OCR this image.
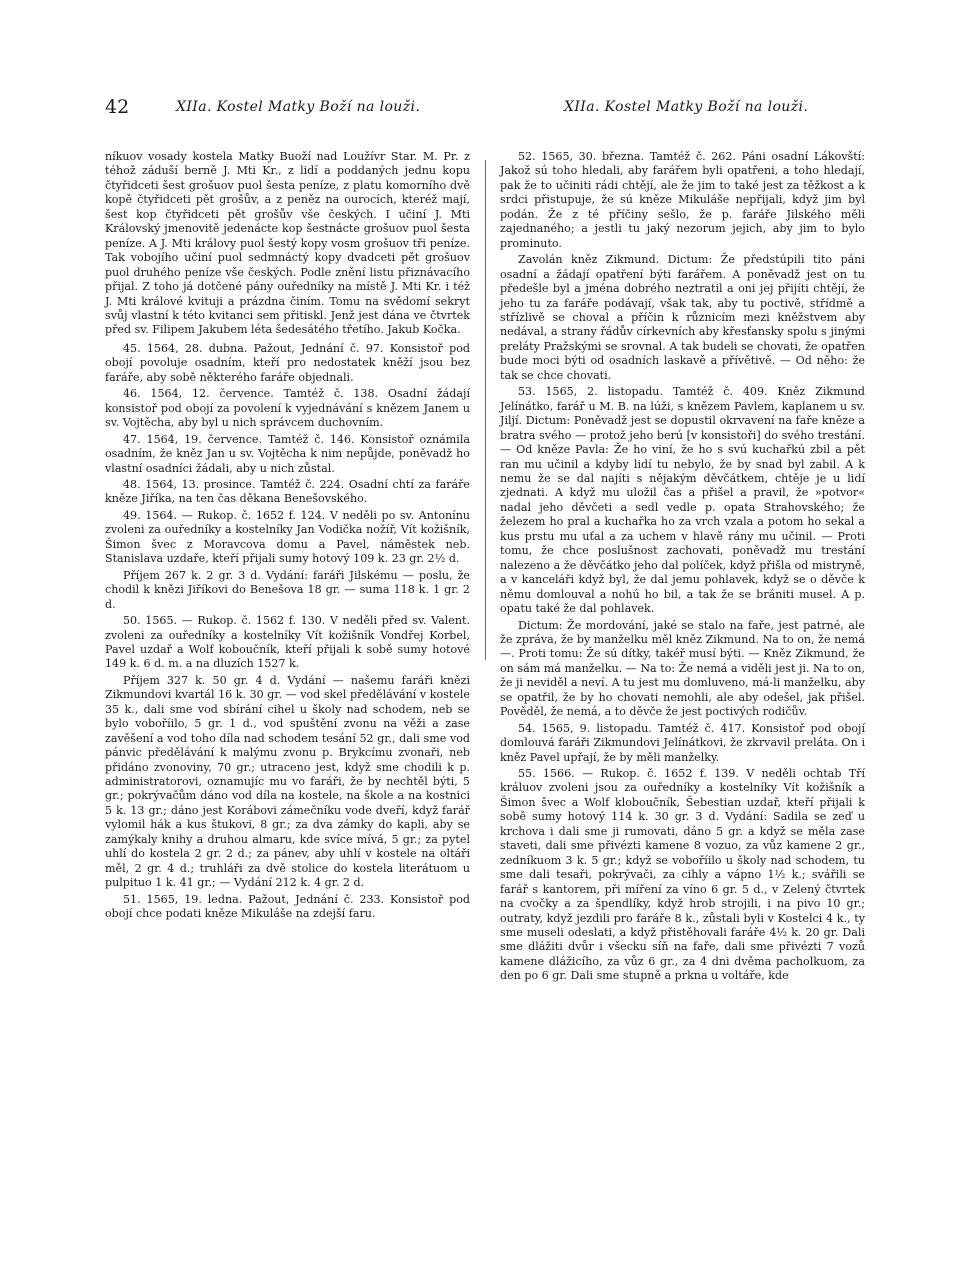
42	XIIa. Kostel Matky Boží na louži.	XIIa. Kostel Matky Boží na louži.

níkuov vosady kostela Matky Buoží nad Loužívr Star. M. Pr. z téhož záduší berně J. Mti Kr., z lidí a poddaných jednu kopu čtyřidceti šest grošuov puol šesta peníze, z platu komorního dvě kopě čtyřidceti pět grošův, a z peněz na ourocích, kteréž mají, šest kop čtyřidceti pět grošův vše českých. I učiní J. Mti Královský jmenovitě jedenácte kop šestnácte grošuov puol šesta peníze. A J. Mti královy puol šestý kopy vosm grošuov tři peníze. Tak vobojího učiní puol sedmnáctý kopy dvadceti pět grošuov puol druhého peníze vše českých. Podle znění listu přiznávacího přijal. Z toho já dotčené pány ouředníky na místě J. Mti Kr. i též J. Mti králové kvituji a prázdna činím. Tomu na svědomí sekryt svůj vlastní k této kvitanci sem přitiskl. Jenž jest dána ve čtvrtek před sv. Filipem Jakubem léta šedesátého třetího. Jakub Kočka.

45. 1564, 28. dubna. Pažout, Jednání č. 97. Konsistoř pod obojí povoluje osadním, kteří pro nedostatek kněží jsou bez faráře, aby sobě některého faráře objednali.

46. 1564, 12. července. Tamtéž č. 138. Osadní žádají konsistoř pod obojí za povolení k vyjednávání s knězem Janem u sv. Vojtěcha, aby byl u nich správcem duchovním.

47. 1564, 19. července. Tamtéž č. 146. Konsistoř oznámila osadním, že kněz Jan u sv. Vojtěcha k nim nepůjde, poněvadž ho vlastní osadníci žádali, aby u nich zůstal.

48. 1564, 13. prosince. Tamtéž č. 224. Osadní chtí za faráře kněze Jiříka, na ten čas děkana Benešovského.

49. 1564. — Rukop. č. 1652 f. 124. V neděli po sv. Antonínu zvoleni za ouředníky a kostelníky Jan Vodička nožíř, Vít kožišník, Šimon švec z Moravcova domu a Pavel, náměstek neb. Stanislava uzdaře, kteří přijali sumy hotový 109 k. 23 gr. 2½ d.

Příjem 267 k. 2 gr. 3 d. Vydání: faráři Jilskému — poslu, že chodil k knězi Jiříkovi do Benešova 18 gr. — suma 118 k. 1 gr. 2 d.

50. 1565. — Rukop. č. 1562 f. 130. V neděli před sv. Valent. zvoleni za ouředníky a kostelníky Vít kožišník Vondřej Korbel, Pavel uzdař a Wolf koboučník, kteří přijali k sobě sumy hotové 149 k. 6 d. m. a na dluzích 1527 k.

Příjem 327 k. 50 gr. 4 d. Vydání — našemu faráři knězi Zikmundovi kvartál 16 k. 30 gr. — vod skel předělávání v kostele 35 k., dali sme vod sbírání cihel u školy nad schodem, neb se bylo voboříilo, 5 gr. 1 d., vod spuštění zvonu na věži a zase zavěšení a vod toho díla nad schodem tesání 52 gr., dali sme vod pánvic předělávání k malýmu zvonu p. Brykcímu zvonaři, neb přidáno zvonoviny, 70 gr.; utraceno jest, když sme chodili k p. administratorovi, oznamujíc mu vo faráři, že by nechtěl býti, 5 gr.; pokrývačům dáno vod díla na kostele, na škole a na kostnici 5 k. 13 gr.; dáno jest Korábovi zámečníku vode dveří, když farář vylomil hák a kus štukovi, 8 gr.; za dva zámky do kapli, aby se zamýkaly knihy a druhou almaru, kde svíce mívá, 5 gr.; za pytel uhlí do kostela 2 gr. 2 d.; za pánev, aby uhlí v kostele na oltáři měl, 2 gr. 4 d.; truhláři za dvě stolice do kostela literátuom u pulpituo 1 k. 41 gr.; — Vydání 212 k. 4 gr. 2 d.

51. 1565, 19. ledna. Pažout, Jednání č. 233. Konsistoř pod obojí chce podati kněze Mikuláše na zdejší faru.

52. 1565, 30. března. Tamtéž č. 262. Páni osadní Lákovští: Jakož sú toho hledali, aby farářem byli opatřeni, a toho hledají, pak že to učiniti rádi chtějí, ale že jim to také jest za těžkost a k srdci přistupuje, že sú kněze Mikuláše nepřijali, když jim byl podán. Že z té příčiny sešlo, že p. faráře Jilského měli zajednaného; a jestli tu jaký nezorum jejich, aby jim to bylo prominuto.

Zavolán kněz Zikmund. Dictum: Že předstúpili tito páni osadní a žádají opatření býti farářem. A poněvadž jest on tu předešle byl a jména dobrého neztratil a oni jej přijíti chtějí, že jeho tu za faráře podávají, však tak, aby tu poctivě, střídmě a střízlivě se choval a příčin k různicím mezi kněžstvem aby nedával, a strany řádův církevních aby křesťansky spolu s jinými preláty Pražskými se srovnal. A tak budeli se chovati, že opatřen bude moci býti od osadních laskavě a přívětivě. — Od něho: že tak se chce chovati.

53. 1565, 2. listopadu. Tamtéž č. 409. Kněz Zikmund Jelínátko, farář u M. B. na lúži, s knězem Pavlem, kaplanem u sv. Jiljí. Dictum: Poněvadž jest se dopustil okrvavení na faře kněze a bratra svého — protož jeho berú [v konsistoři] do svého trestání. — Od kněze Pavla: Že ho viní, že ho s svú kuchařkú zbil a pět ran mu učinil a kdyby lidí tu nebylo, že by snad byl zabil. A k nemu že se dal najíti s nějakým děvčátkem, chtěje je u lidí zjednati. A když mu uložil čas a přišel a pravil, že »potvor« nadal jeho děvčeti a sedl vedle p. opata Strahovského; že železem ho pral a kuchařka ho za vrch vzala a potom ho sekal a kus prstu mu uťal a za uchem v hlavě rány mu učinil. — Proti tomu, že chce poslušnost zachovati, poněvadž mu trestání nalezeno a že děvčátko jeho dal políček, když přišla od mistryně, a v kanceláři když byl, že dal jemu pohlavek, když se o děvče k němu domlouval a nohú ho bil, a tak že se brániti musel. A p. opatu také že dal pohlavek.

Dictum: Že mordování, jaké se stalo na faře, jest patrné, ale že zpráva, že by manželku měl kněz Zikmund. Na to on, že nemá —. Proti tomu: Že sú dítky, takéř musí býti. — Kněz Zikmund, že on sám má manželku. — Na to: Že nemá a viděli jest ji. Na to on, že ji neviděl a neví. A tu jest mu domluveno, má-li manželku, aby se opatřil, že by ho chovati nemohli, ale aby odešel, jak přišel. Pověděl, že nemá, a to děvče že jest poctivých rodičův.

54. 1565, 9. listopadu. Tamtéž č. 417. Konsistoř pod obojí domlouvá faráři Zikmundovi Jelínátkovi, že zkrvavil preláta. On i kněz Pavel upřají, že by měli manželky.

55. 1566. — Rukop. č. 1652 f. 139. V neděli ochtab Tří králuov zvoleni jsou za ouředníky a kostelníky Vít kožišník a Šimon švec a Wolf kloboučník, Šebestian uzdař, kteří přijali k sobě sumy hotový 114 k. 30 gr. 3 d. Vydání: Sadila se zeď u krchova i dali sme ji rumovati, dáno 5 gr. a když se měla zase staveti, dali sme přivézti kamene 8 vozuo, za vůz kamene 2 gr., zedníkuom 3 k. 5 gr.; když se voboříilo u školy nad schodem, tu sme dali tesaři, pokrývači, za cihly a vápno 1½ k.; svářili se farář s kantorem, při míření za víno 6 gr. 5 d., v Zelený čtvrtek na cvočky a za špendlíky, když hrob strojili, i na pivo 10 gr.; outraty, když jezdili pro faráře 8 k., zůstali byli v Kostelci 4 k., ty sme museli odeslati, a když přistěhovali faráře 4½ k. 20 gr. Dali sme dlážiti dvůr i všecku síň na faře, dali sme přivézti 7 vozů kamene dlážicího, za vůz 6 gr., za 4 dni dvěma pacholkuom, za den po 6 gr. Dali sme stupně a prkna u voltáře, kde
